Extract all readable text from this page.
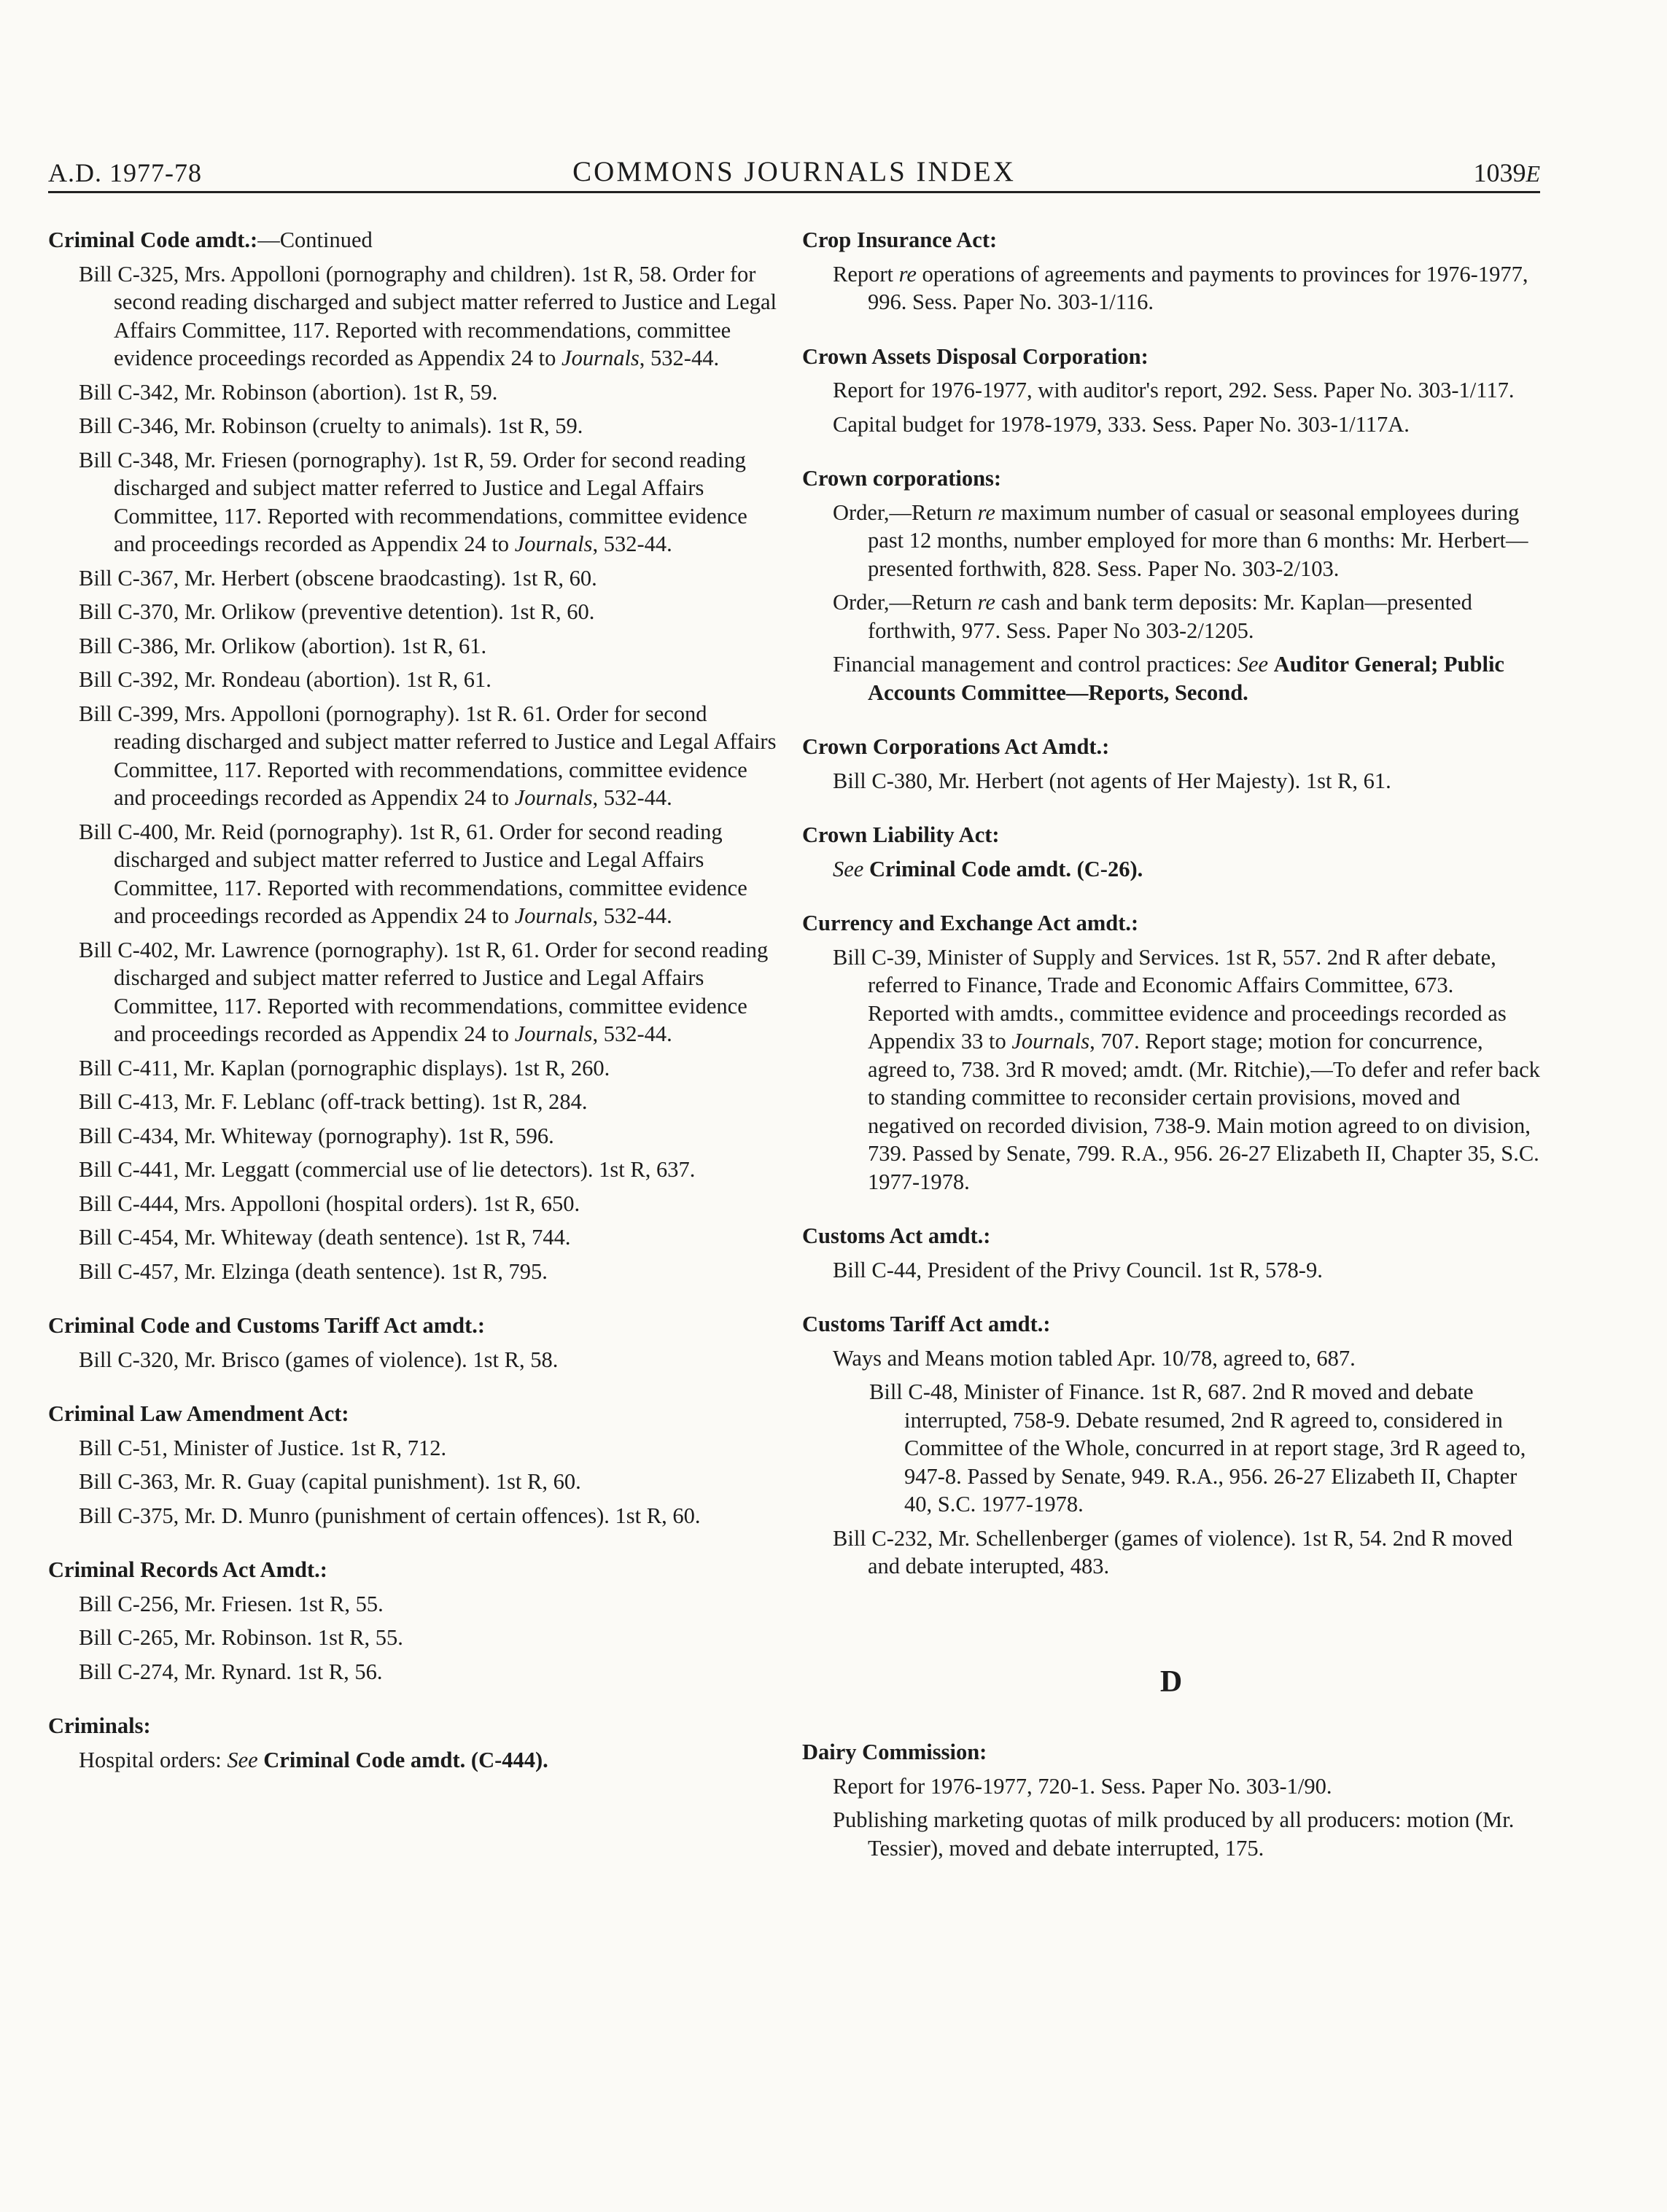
A.D. 1977-78	COMMONS JOURNALS INDEX	1039E
Criminal Code amdt.:—Continued
Bill C-325, Mrs. Appolloni (pornography and children). 1st R, 58. Order for second reading discharged and subject matter referred to Justice and Legal Affairs Committee, 117. Reported with recommendations, committee evidence proceedings recorded as Appendix 24 to Journals, 532-44.
Bill C-342, Mr. Robinson (abortion). 1st R, 59.
Bill C-346, Mr. Robinson (cruelty to animals). 1st R, 59.
Bill C-348, Mr. Friesen (pornography). 1st R, 59. Order for second reading discharged and subject matter referred to Justice and Legal Affairs Committee, 117. Reported with recommendations, committee evidence and proceedings recorded as Appendix 24 to Journals, 532-44.
Bill C-367, Mr. Herbert (obscene braodcasting). 1st R, 60.
Bill C-370, Mr. Orlikow (preventive detention). 1st R, 60.
Bill C-386, Mr. Orlikow (abortion). 1st R, 61.
Bill C-392, Mr. Rondeau (abortion). 1st R, 61.
Bill C-399, Mrs. Appolloni (pornography). 1st R. 61. Order for second reading discharged and subject matter referred to Justice and Legal Affairs Committee, 117. Reported with recommendations, committee evidence and proceedings recorded as Appendix 24 to Journals, 532-44.
Bill C-400, Mr. Reid (pornography). 1st R, 61. Order for second reading discharged and subject matter referred to Justice and Legal Affairs Committee, 117. Reported with recommendations, committee evidence and proceedings recorded as Appendix 24 to Journals, 532-44.
Bill C-402, Mr. Lawrence (pornography). 1st R, 61. Order for second reading discharged and subject matter referred to Justice and Legal Affairs Committee, 117. Reported with recommendations, committee evidence and proceedings recorded as Appendix 24 to Journals, 532-44.
Bill C-411, Mr. Kaplan (pornographic displays). 1st R, 260.
Bill C-413, Mr. F. Leblanc (off-track betting). 1st R, 284.
Bill C-434, Mr. Whiteway (pornography). 1st R, 596.
Bill C-441, Mr. Leggatt (commercial use of lie detectors). 1st R, 637.
Bill C-444, Mrs. Appolloni (hospital orders). 1st R, 650.
Bill C-454, Mr. Whiteway (death sentence). 1st R, 744.
Bill C-457, Mr. Elzinga (death sentence). 1st R, 795.
Criminal Code and Customs Tariff Act amdt.:
Bill C-320, Mr. Brisco (games of violence). 1st R, 58.
Criminal Law Amendment Act:
Bill C-51, Minister of Justice. 1st R, 712.
Bill C-363, Mr. R. Guay (capital punishment). 1st R, 60.
Bill C-375, Mr. D. Munro (punishment of certain offences). 1st R, 60.
Criminal Records Act Amdt.:
Bill C-256, Mr. Friesen. 1st R, 55.
Bill C-265, Mr. Robinson. 1st R, 55.
Bill C-274, Mr. Rynard. 1st R, 56.
Criminals:
Hospital orders: See Criminal Code amdt. (C-444).
Crop Insurance Act:
Report re operations of agreements and payments to provinces for 1976-1977, 996. Sess. Paper No. 303-1/116.
Crown Assets Disposal Corporation:
Report for 1976-1977, with auditor's report, 292. Sess. Paper No. 303-1/117.
Capital budget for 1978-1979, 333. Sess. Paper No. 303-1/117A.
Crown corporations:
Order,—Return re maximum number of casual or seasonal employees during past 12 months, number employed for more than 6 months: Mr. Herbert—presented forthwith, 828. Sess. Paper No. 303-2/103.
Order,—Return re cash and bank term deposits: Mr. Kaplan—presented forthwith, 977. Sess. Paper No 303-2/1205.
Financial management and control practices: See Auditor General; Public Accounts Committee—Reports, Second.
Crown Corporations Act Amdt.:
Bill C-380, Mr. Herbert (not agents of Her Majesty). 1st R, 61.
Crown Liability Act:
See Criminal Code amdt. (C-26).
Currency and Exchange Act amdt.:
Bill C-39, Minister of Supply and Services. 1st R, 557. 2nd R after debate, referred to Finance, Trade and Economic Affairs Committee, 673. Reported with amdts., committee evidence and proceedings recorded as Appendix 33 to Journals, 707. Report stage; motion for concurrence, agreed to, 738. 3rd R moved; amdt. (Mr. Ritchie),—To defer and refer back to standing committee to reconsider certain provisions, moved and negatived on recorded division, 738-9. Main motion agreed to on division, 739. Passed by Senate, 799. R.A., 956. 26-27 Elizabeth II, Chapter 35, S.C. 1977-1978.
Customs Act amdt.:
Bill C-44, President of the Privy Council. 1st R, 578-9.
Customs Tariff Act amdt.:
Ways and Means motion tabled Apr. 10/78, agreed to, 687.
Bill C-48, Minister of Finance. 1st R, 687. 2nd R moved and debate interrupted, 758-9. Debate resumed, 2nd R agreed to, considered in Committee of the Whole, concurred in at report stage, 3rd R ageed to, 947-8. Passed by Senate, 949. R.A., 956. 26-27 Elizabeth II, Chapter 40, S.C. 1977-1978.
Bill C-232, Mr. Schellenberger (games of violence). 1st R, 54. 2nd R moved and debate interupted, 483.
D
Dairy Commission:
Report for 1976-1977, 720-1. Sess. Paper No. 303-1/90.
Publishing marketing quotas of milk produced by all producers: motion (Mr. Tessier), moved and debate interrupted, 175.
